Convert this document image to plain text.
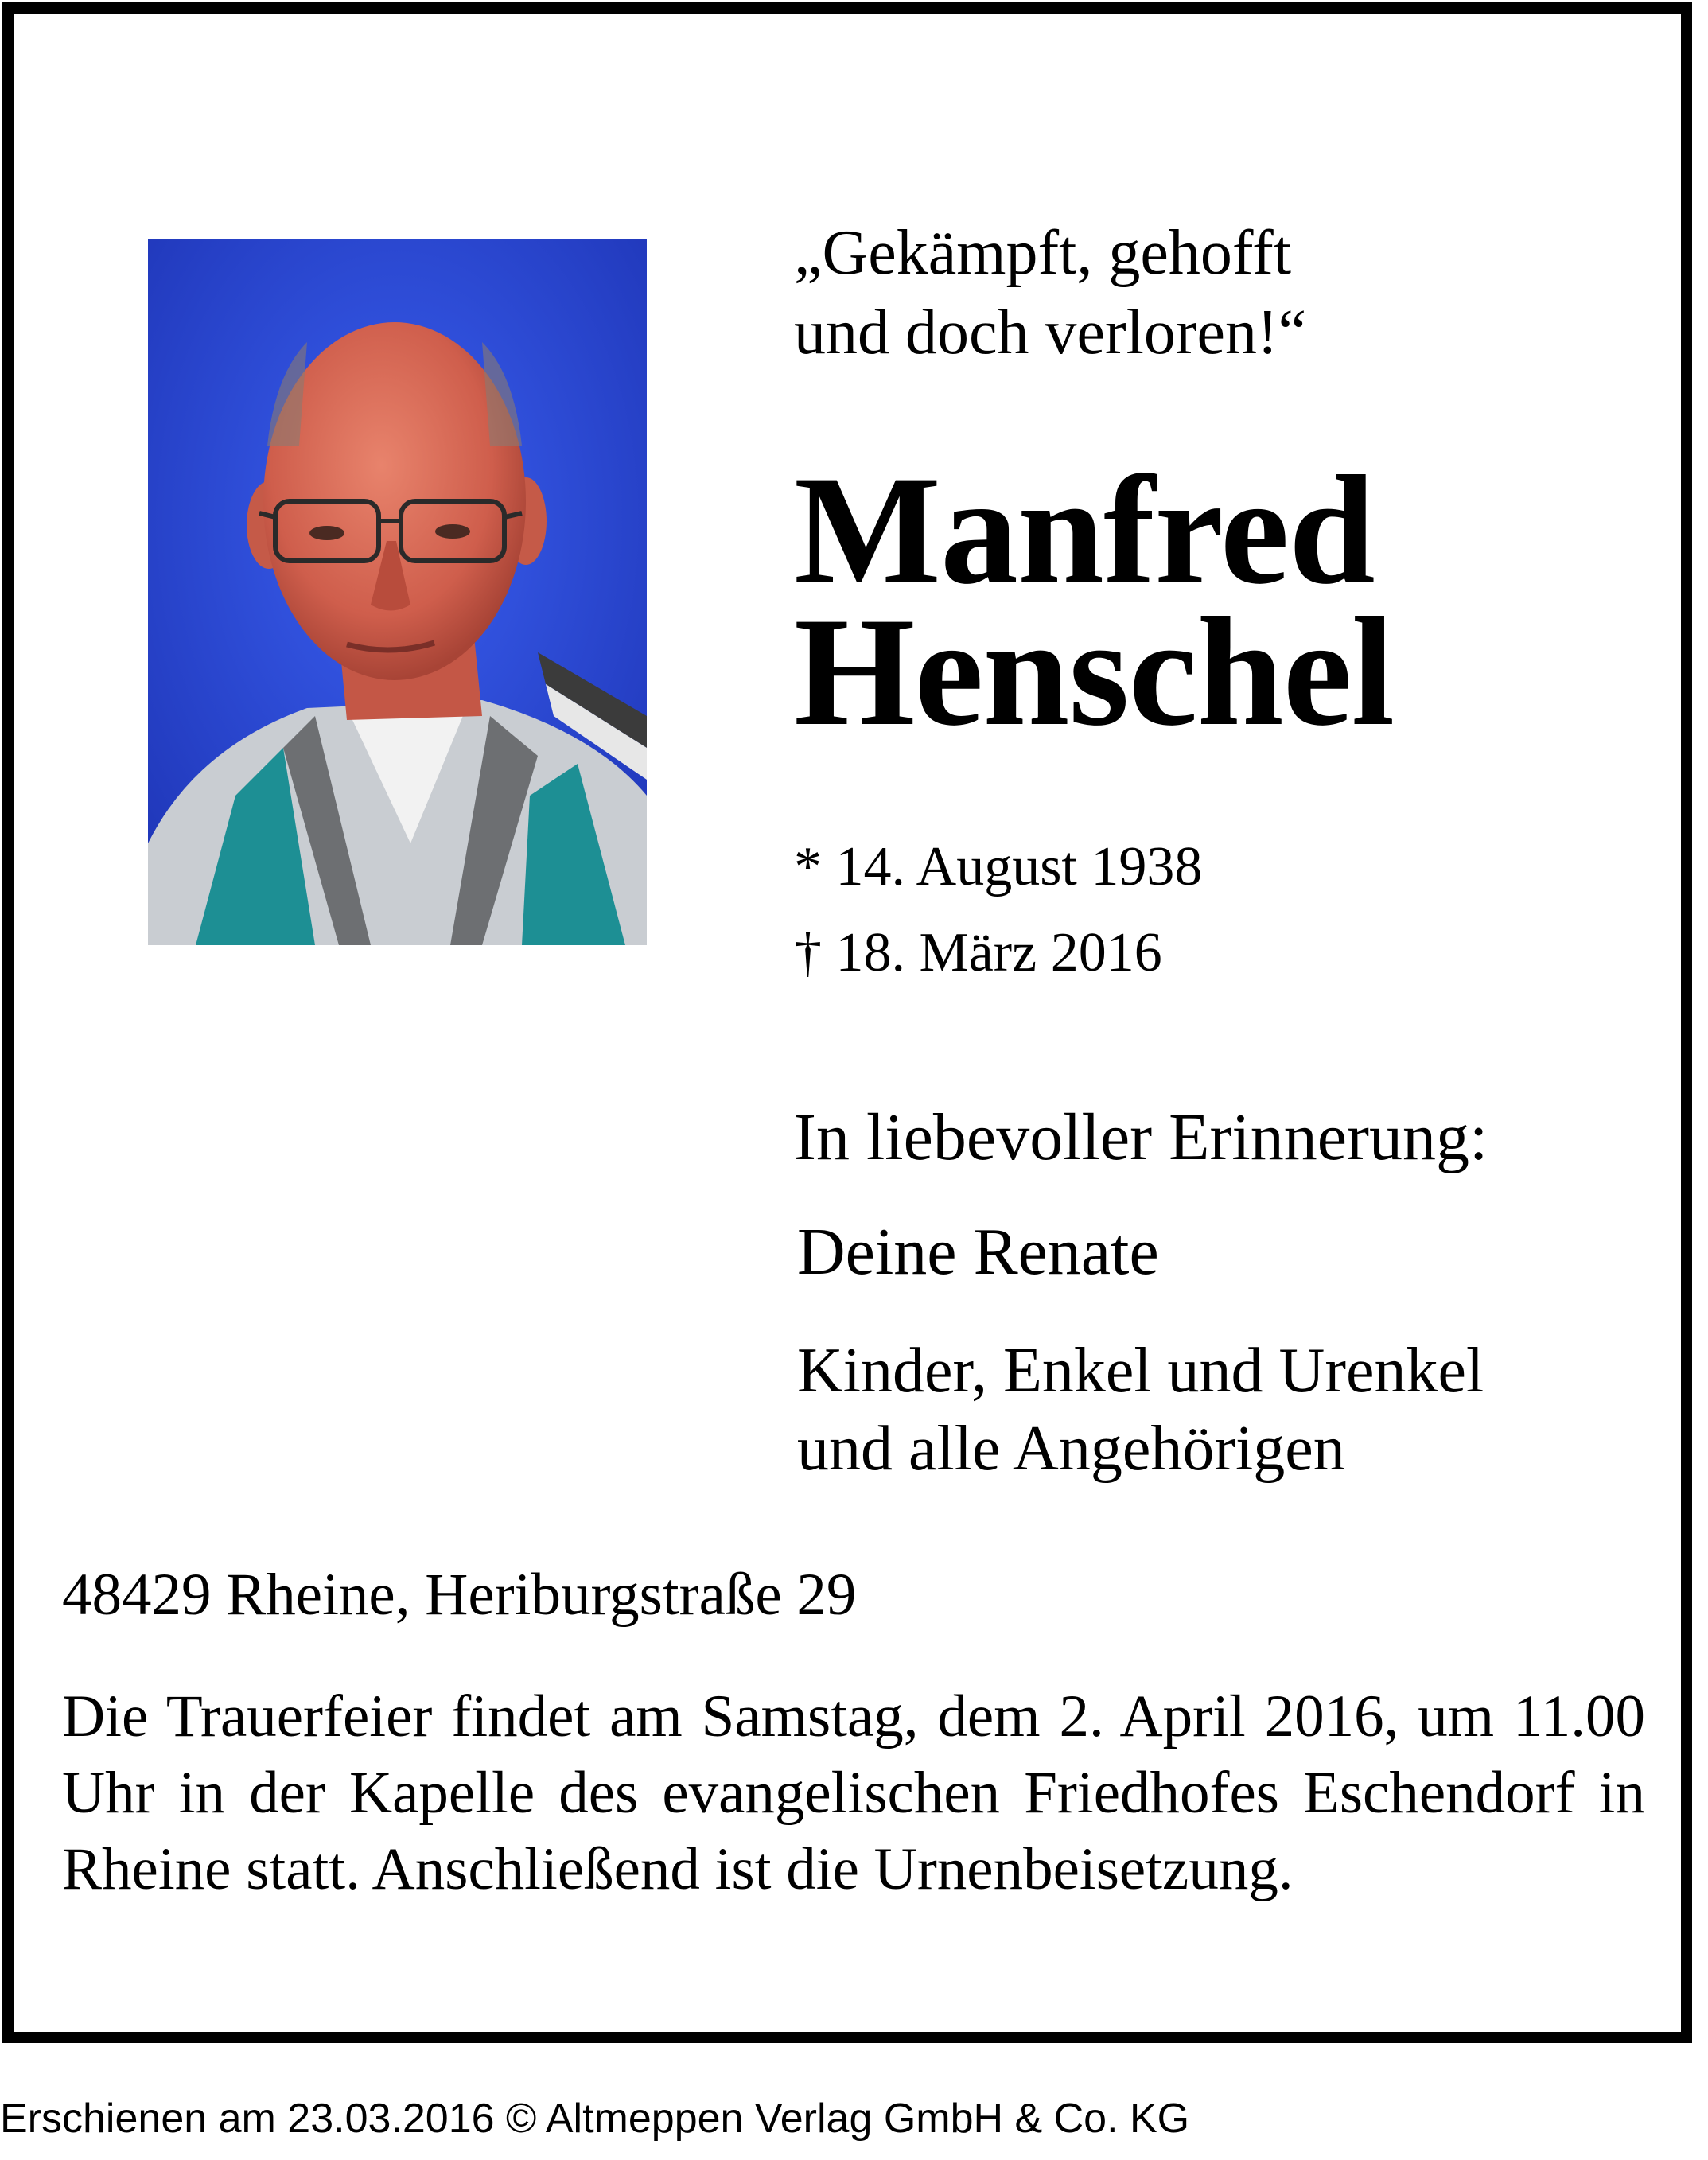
„Gekämpft, gehofft
und doch verloren!“
Manfred
Henschel
* 14. August 1938
† 18. März 2016
In liebevoller Erinnerung:
Deine Renate
Kinder, Enkel und Urenkel
und alle Angehörigen
48429 Rheine, Heriburgstraße 29
Die Trauerfeier findet am Samstag, dem 2. April 2016, um 11.00 Uhr in der Kapelle des evangelischen Friedhofes Eschendorf in Rheine statt. Anschließend ist die Urnenbeisetzung.
Erschienen am 23.03.2016 © Altmeppen Verlag GmbH & Co. KG
